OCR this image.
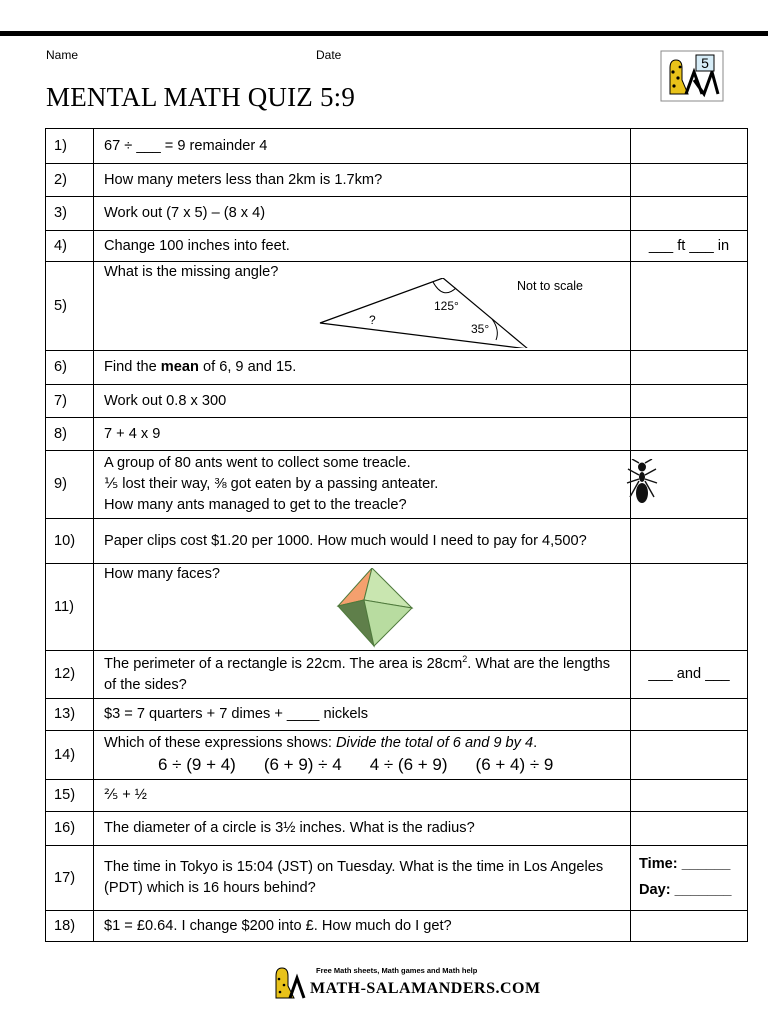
Name	Date
MENTAL MATH QUIZ 5:9
5
1)	67 ÷ ___ = 9 remainder 4	
2)	How many meters less than 2km is 1.7km?	
3)	Work out (7 x 5) – (8 x 4)	
4)	Change 100 inches into feet.	___ ft ___ in
5)	What is the missing angle?
125°
35°
?
Not to scale	

6)	Find the mean of 6, 9 and 15.	
7)	Work out 0.8 x 300	
8)	7 + 4 x 9	
9)	A group of 80 ants went to collect some treacle.
⅕ lost their way, ⅜ got eaten by a passing anteater.
How many ants managed to get to the treacle?	

10)	Paper clips cost $1.20 per 1000. How much would I need to pay for 4,500?	
11)	How many faces?	

12)	The perimeter of a rectangle is 22cm. The area is $28cm^2$. What are the lengths of the sides?	___ and ___
13)	$3 = 7 quarters + 7 dimes + ____ nickels	
14)	Which of these expressions shows: Divide the total of 6 and 9 by 4.
6 ÷ (9 + 4) (6 + 9) ÷ 4 4 ÷ (6 + 9) (6 + 4) ÷ 9	

15)	⅖ + ½	
16)	The diameter of a circle is 3½ inches. What is the radius?	
17)	The time in Tokyo is 15:04 (JST) on Tuesday. What is the time in Los Angeles (PDT) which is 16 hours behind?	Time: ______
Day: _______

18)	$1 = £0.64. I change $200 into £. How much do I get?	
Free Math sheets, Math games and Math help
MATH-SALAMANDERS.COM
